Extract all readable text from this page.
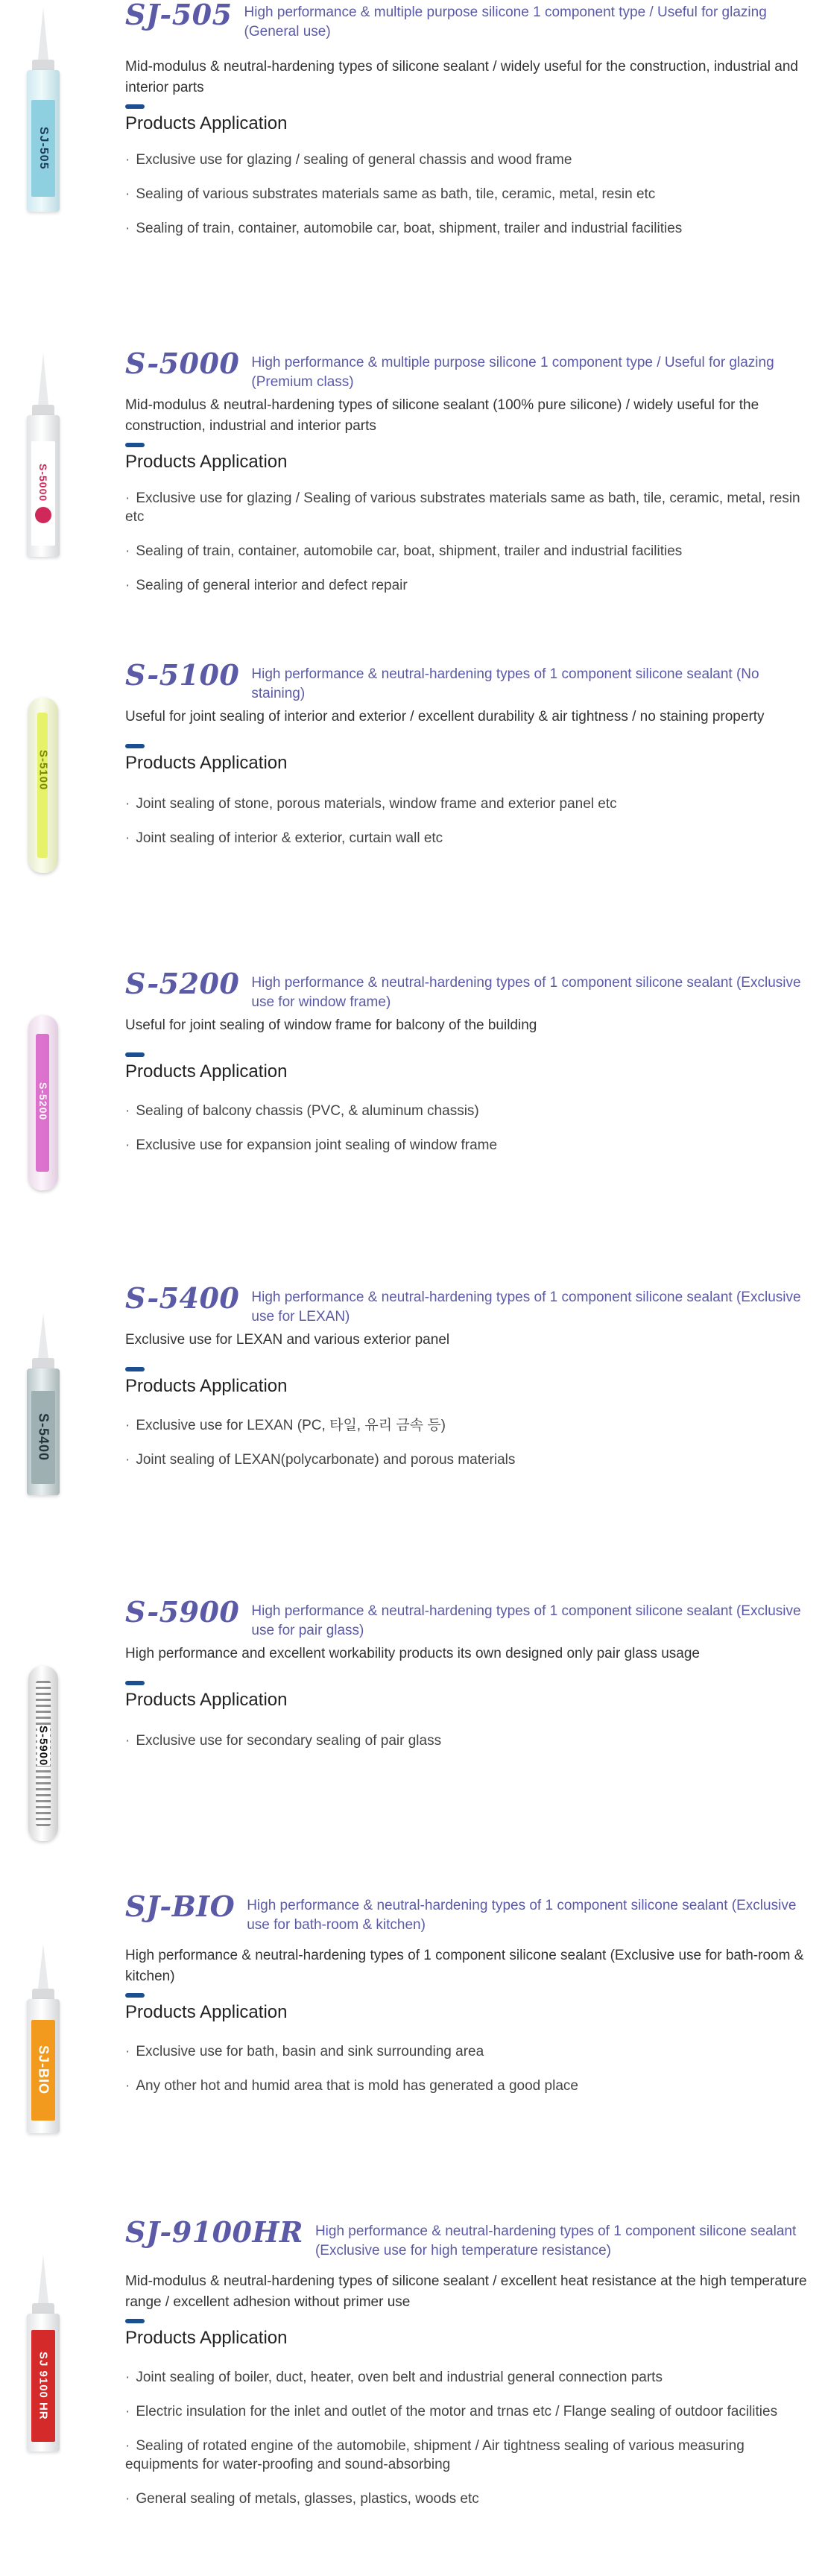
SJ-505
SJ-505 High performance & multiple purpose silicone 1 component type / Useful for glazing (General use)
Mid-modulus & neutral-hardening types of silicone sealant / widely useful for the construction, industrial and interior parts
Products Application
· Exclusive use for glazing / sealing of general chassis and wood frame
· Sealing of various substrates materials same as bath, tile, ceramic, metal, resin etc
· Sealing of train, container, automobile car, boat, shipment, trailer and industrial facilities
S-5000
S-5000 High performance & multiple purpose silicone 1 component type / Useful for glazing (Premium class)
Mid-modulus & neutral-hardening types of silicone sealant (100% pure silicone) / widely useful for the construction, industrial and interior parts
Products Application
· Exclusive use for glazing / Sealing of various substrates materials same as bath, tile, ceramic, metal, resin etc
· Sealing of train, container, automobile car, boat, shipment, trailer and industrial facilities
· Sealing of general interior and defect repair
S-5100
S-5100 High performance & neutral-hardening types of 1 component silicone sealant (No staining)
Useful for joint sealing of interior and exterior / excellent durability & air tightness / no staining property
Products Application
· Joint sealing of stone, porous materials, window frame and exterior panel etc
· Joint sealing of interior & exterior, curtain wall etc
S-5200
S-5200 High performance & neutral-hardening types of 1 component silicone sealant (Exclusive use for window frame)
Useful for joint sealing of window frame for balcony of the building
Products Application
· Sealing of balcony chassis (PVC, & aluminum chassis)
· Exclusive use for expansion joint sealing of window frame
S-5400
S-5400 High performance & neutral-hardening types of 1 component silicone sealant (Exclusive use for LEXAN)
Exclusive use for LEXAN and various exterior panel
Products Application
· Exclusive use for LEXAN (PC, 타일, 유리 금속 등)
· Joint sealing of LEXAN(polycarbonate) and porous materials
S-5900
S-5900 High performance & neutral-hardening types of 1 component silicone sealant (Exclusive use for pair glass)
High performance and excellent workability products its own designed only pair glass usage
Products Application
· Exclusive use for secondary sealing of pair glass
SJ-BIO
SJ-BIO High performance & neutral-hardening types of 1 component silicone sealant (Exclusive use for bath-room & kitchen)
High performance & neutral-hardening types of 1 component silicone sealant (Exclusive use for bath-room & kitchen)
Products Application
· Exclusive use for bath, basin and sink surrounding area
· Any other hot and humid area that is mold has generated a good place
SJ 9100 HR
SJ-9100HR High performance & neutral-hardening types of 1 component silicone sealant (Exclusive use for high temperature resistance)
Mid-modulus & neutral-hardening types of silicone sealant / excellent heat resistance at the high temperature range / excellent adhesion without primer use
Products Application
· Joint sealing of boiler, duct, heater, oven belt and industrial general connection parts
· Electric insulation for the inlet and outlet of the motor and trnas etc / Flange sealing of outdoor facilities
· Sealing of rotated engine of the automobile, shipment / Air tightness sealing of various measuring equipments for water-proofing and sound-absorbing
· General sealing of metals, glasses, plastics, woods etc
